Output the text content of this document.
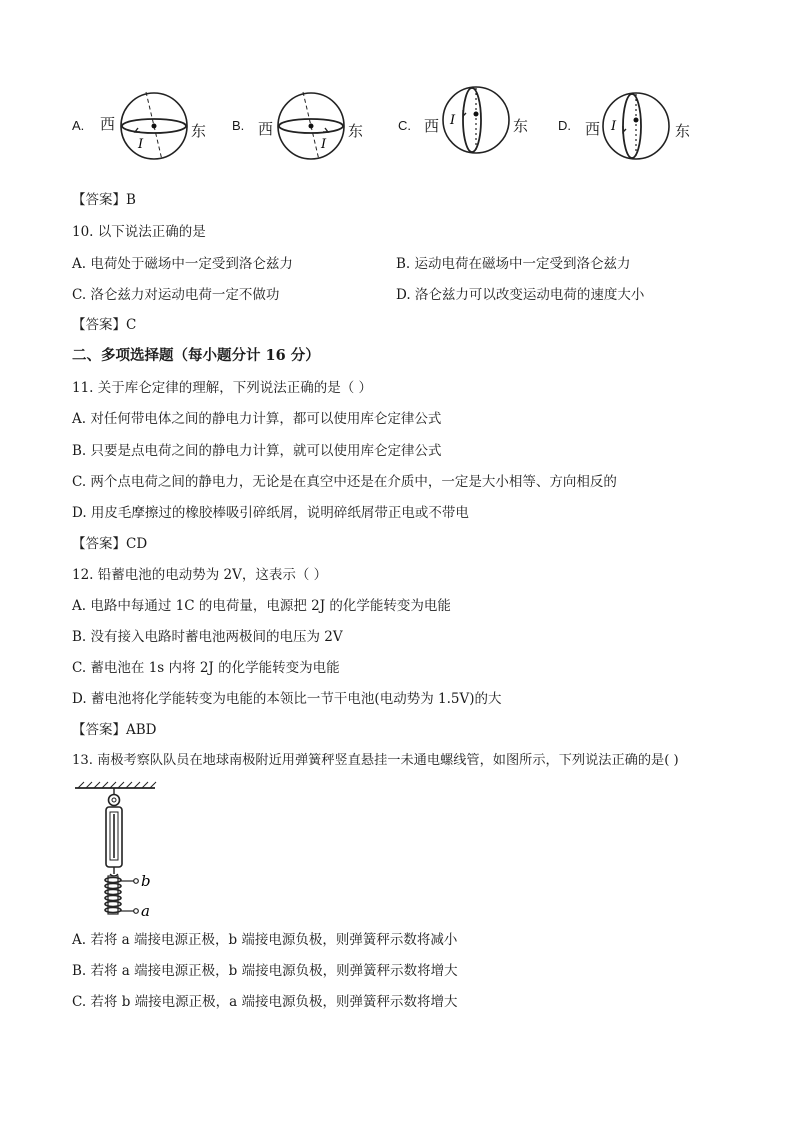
A. 西
I
东 B. 西
I
东	C. 西 I	东 D. 西 I	东
【答案】B
10. 以下说法正确的是
A. 电荷处于磁场中一定受到洛仑兹力	B. 运动电荷在磁场中一定受到洛仑兹力
C. 洛仑兹力对运动电荷一定不做功	D. 洛仑兹力可以改变运动电荷的速度大小
【答案】C
二、多项选择题（每小题分计 16 分）
11. 关于库仑定律的理解，下列说法正确的是（ ）
A. 对任何带电体之间的静电力计算，都可以使用库仑定律公式
B. 只要是点电荷之间的静电力计算，就可以使用库仑定律公式
C. 两个点电荷之间的静电力，无论是在真空中还是在介质中，一定是大小相等、方向相反的
D. 用皮毛摩擦过的橡胶棒吸引碎纸屑，说明碎纸屑带正电或不带电
【答案】CD
12. 铅蓄电池的电动势为 2V，这表示（ ）
A. 电路中每通过 1C 的电荷量，电源把 2J 的化学能转变为电能
B. 没有接入电路时蓄电池两极间的电压为 2V
C. 蓄电池在 1s 内将 2J 的化学能转变为电能
D. 蓄电池将化学能转变为电能的本领比一节干电池(电动势为 1.5V)的大
【答案】ABD
13. 南极考察队队员在地球南极附近用弹簧秤竖直悬挂一未通电螺线管，如图所示，下列说法正确的是( )
b
a
A. 若将 a 端接电源正极，b 端接电源负极，则弹簧秤示数将减小
B. 若将 a 端接电源正极，b 端接电源负极，则弹簧秤示数将增大
C. 若将 b 端接电源正极，a 端接电源负极，则弹簧秤示数将增大
